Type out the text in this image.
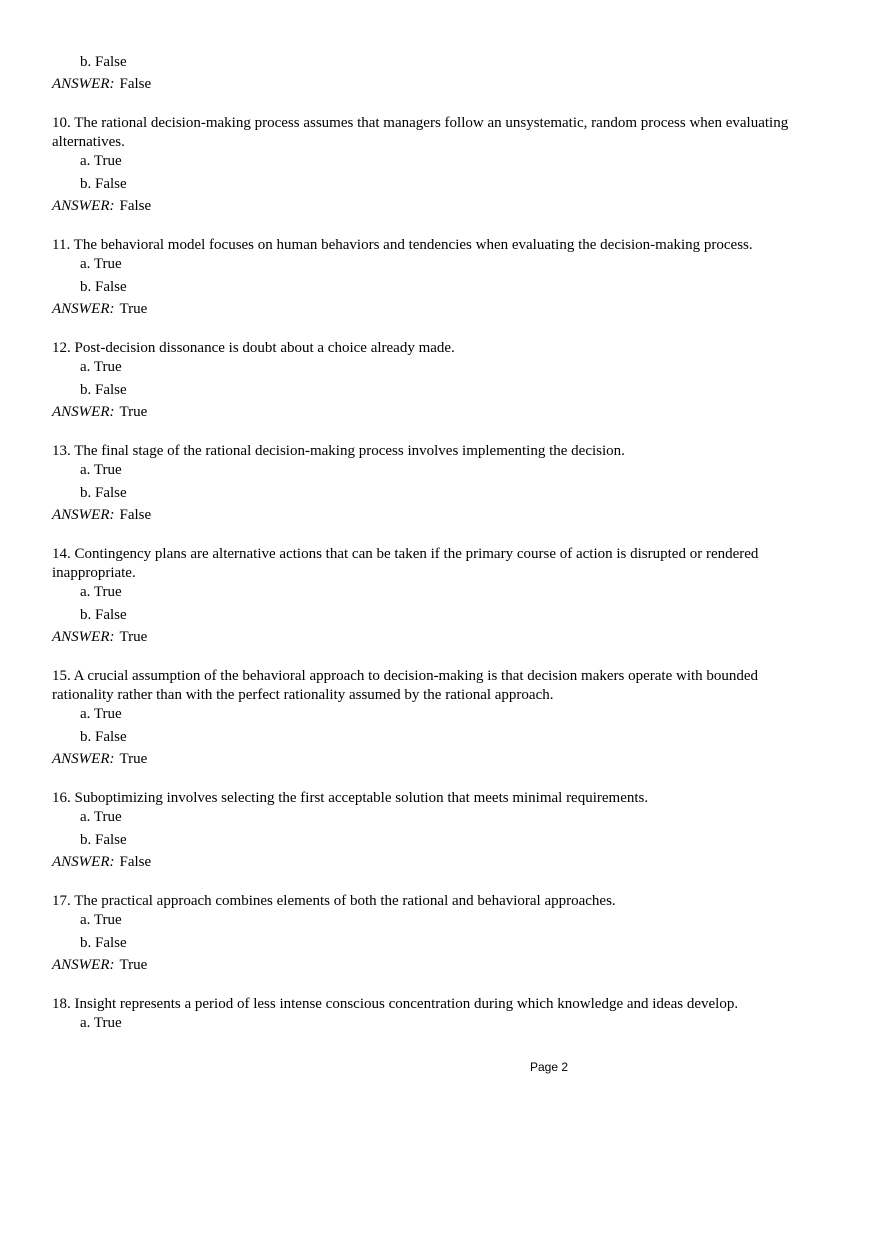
b. False
ANSWER: False
10. The rational decision-making process assumes that managers follow an unsystematic, random process when evaluating alternatives.
a. True
b. False
ANSWER: False
11. The behavioral model focuses on human behaviors and tendencies when evaluating the decision-making process.
a. True
b. False
ANSWER: True
12. Post-decision dissonance is doubt about a choice already made.
a. True
b. False
ANSWER: True
13. The final stage of the rational decision-making process involves implementing the decision.
a. True
b. False
ANSWER: False
14. Contingency plans are alternative actions that can be taken if the primary course of action is disrupted or rendered inappropriate.
a. True
b. False
ANSWER: True
15. A crucial assumption of the behavioral approach to decision-making is that decision makers operate with bounded rationality rather than with the perfect rationality assumed by the rational approach.
a. True
b. False
ANSWER: True
16. Suboptimizing involves selecting the first acceptable solution that meets minimal requirements.
a. True
b. False
ANSWER: False
17. The practical approach combines elements of both the rational and behavioral approaches.
a. True
b. False
ANSWER: True
18. Insight represents a period of less intense conscious concentration during which knowledge and ideas develop.
a. True
Page 2
